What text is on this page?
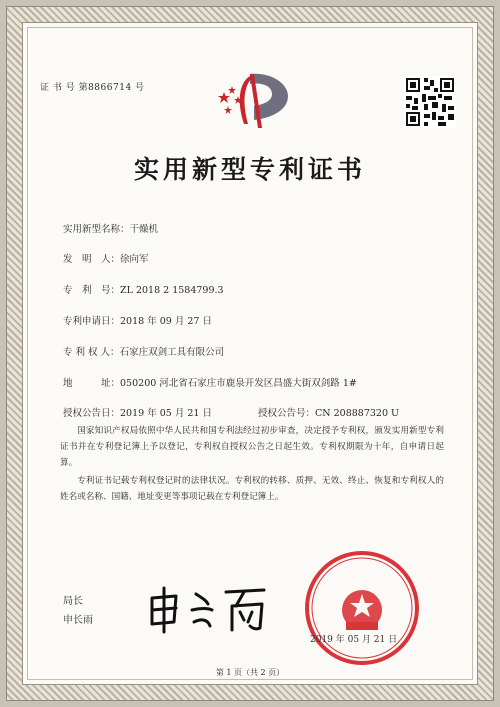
证 书 号 第8866714 号
实用新型专利证书
实用新型名称：干燥机
发　明　人：徐向军
专　利　号：ZL 2018 2 1584799.3
专利申请日：2018 年 09 月 27 日
专 利 权 人：石家庄双剑工具有限公司
地　　　址：050200 河北省石家庄市鹿泉开发区昌盛大街双剑路 1#
授权公告日：2019 年 05 月 21 日	授权公告号：CN 208887320 U

国家知识产权局依照中华人民共和国专利法经过初步审查，决定授予专利权，颁发实用新型专利证书并在专利登记簿上予以登记，专利权自授权公告之日起生效。专利权期限为十年，自申请日起算。

专利证书记载专利权登记时的法律状况。专利权的转移、质押、无效、终止、恢复和专利权人的姓名或名称、国籍、地址变更等事项记载在专利登记簿上。

局长
申长雨
2019 年 05 月 21 日
第 1 页（共 2 页）
